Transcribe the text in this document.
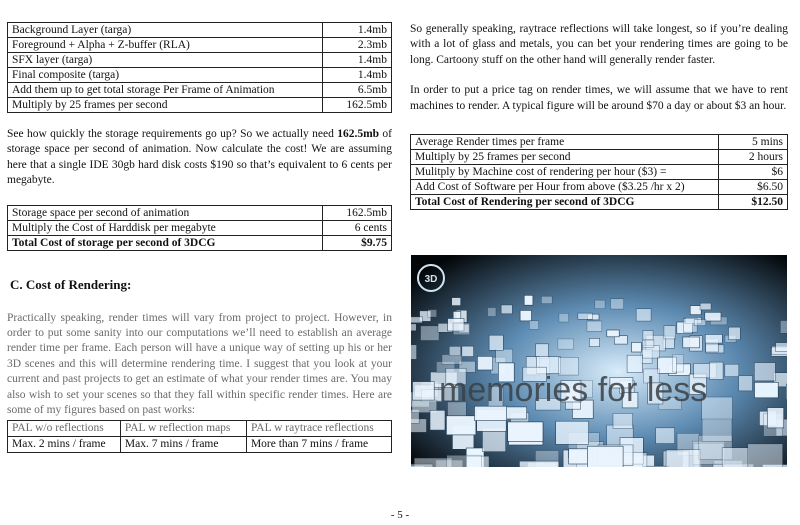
Background Layer (targa)	1.4mb
Foreground + Alpha + Z-buffer (RLA)	2.3mb
SFX layer (targa)	1.4mb
Final composite (targa)	1.4mb
Add them up to get total storage Per Frame of Animation	6.5mb
Multiply by 25 frames per second	162.5mb

See how quickly the storage requirements go up? So we actually need 162.5mb of storage space per second of animation. Now calculate the cost! We are assuming here that a single IDE 30gb hard disk costs $190 so that’s equivalent to 6 cents per megabyte.

Storage space per second of animation	162.5mb
Multiply the Cost of Harddisk per megabyte	6 cents
Total Cost of storage per second of 3DCG	$9.75
C. Cost of Rendering:

Practically speaking, render times will vary from project to project. However, in order to put some sanity into our computations we’ll need to establish an average render time per frame. Each person will have a unique way of setting up his or her 3D scenes and this will determine rendering time. I suggest that you look at your current and past projects to get an estimate of what your render times are. You may also wish to set your scenes so that they fall within specific render times. Here are some of my figures based on past works:

PAL w/o reflections	PAL w reflection maps	PAL w raytrace reflections
Max. 2 mins / frame	Max. 7 mins / frame	More than 7 mins / frame

So generally speaking, raytrace reflections will take longest, so if you’re dealing with a lot of glass and metals, you can bet your rendering times are going to be long. Cartoony stuff on the other hand will generally render faster.

In order to put a price tag on render times, we will assume that we have to rent machines to render. A typical figure will be around $70 a day or about $3 an hour.

Average Render times per frame	5 mins
Multiply by 25 frames per second	2 hours
Mulitply by Machine cost of rendering per hour ($3) =	$6
Add Cost of Software per Hour from above ($3.25 /hr x 2)	$6.50
Total Cost of Rendering per second of 3DCG	$12.50
3D
memories for less
- 5 -
